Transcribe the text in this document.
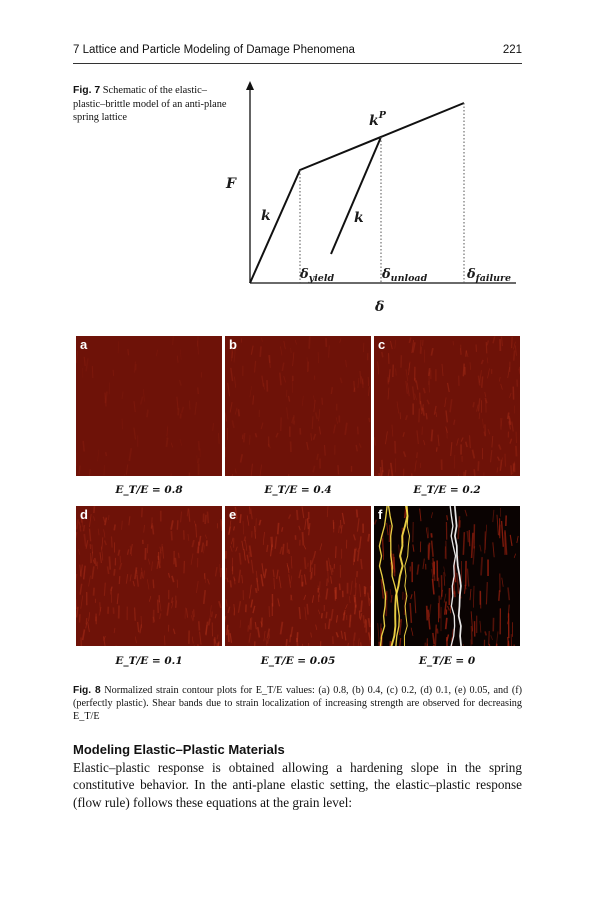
7 Lattice and Particle Modeling of Damage Phenomena	221
Fig. 7 Schematic of the elastic–plastic–brittle model of an anti-plane spring lattice
F
k	k
$k^P$
$\delta_{yield}$	$\delta_{unload}$	$\delta_{failure}$
δ
a	b	c
E_T/E = 0.8	E_T/E = 0.4	E_T/E = 0.2
d	e	f
E_T/E = 0.1	E_T/E = 0.05	E_T/E = 0
Fig. 8 Normalized strain contour plots for E_T/E values: (a) 0.8, (b) 0.4, (c) 0.2, (d) 0.1, (e) 0.05, and (f) (perfectly plastic). Shear bands due to strain localization of increasing strength are observed for decreasing E_T/E
Modeling Elastic–Plastic Materials
Elastic–plastic response is obtained allowing a hardening slope in the spring constitutive behavior. In the anti-plane elastic setting, the elastic–plastic response (flow rule) follows these equations at the grain level:
